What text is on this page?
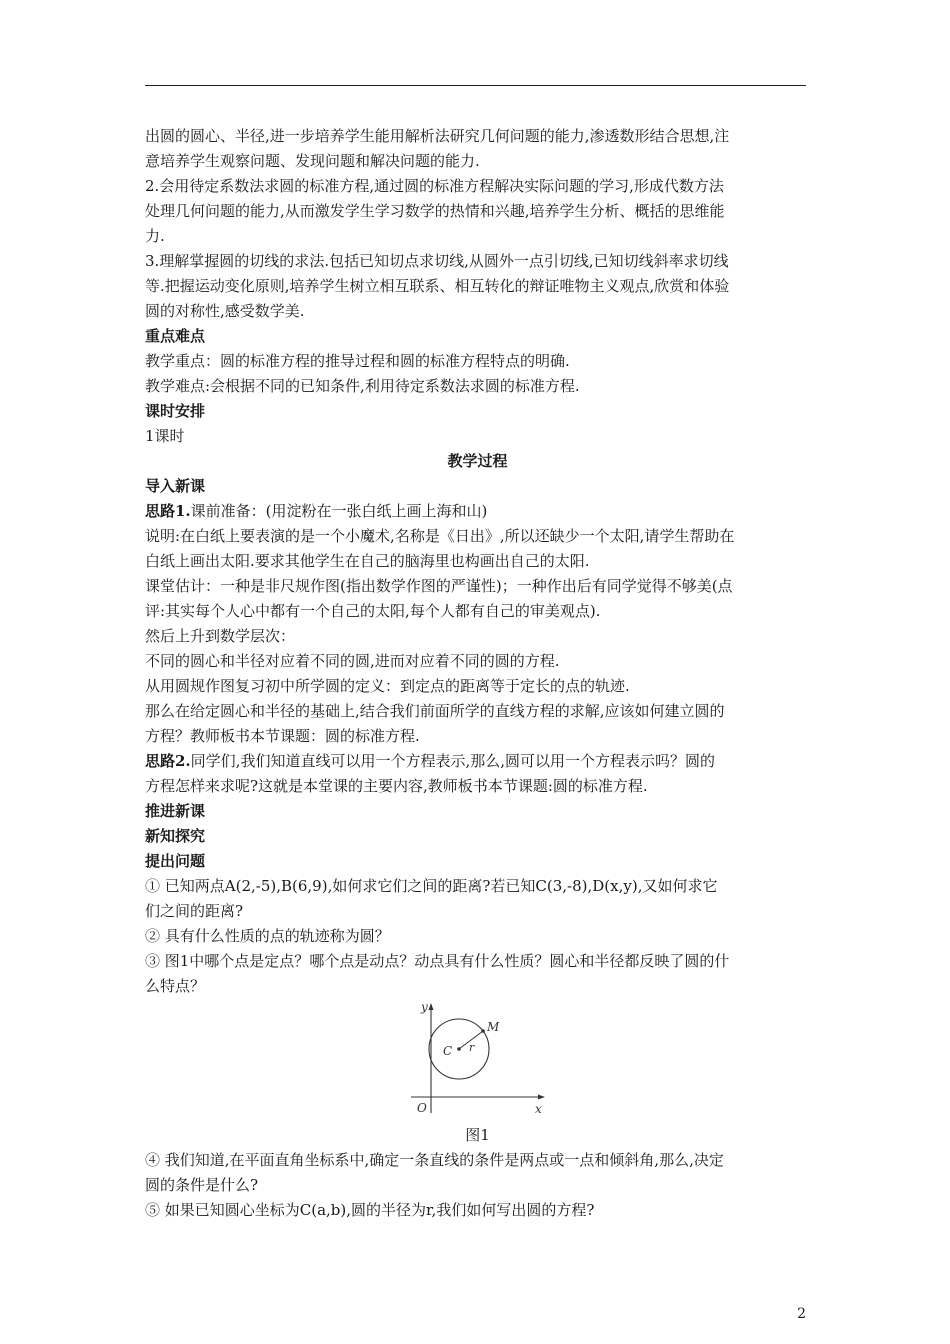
出圆的圆心、半径,进一步培养学生能用解析法研究几何问题的能力,渗透数形结合思想,注

意培养学生观察问题、发现问题和解决问题的能力.

2.会用待定系数法求圆的标准方程,通过圆的标准方程解决实际问题的学习,形成代数方法

处理几何问题的能力,从而激发学生学习数学的热情和兴趣,培养学生分析、概括的思维能

力.

3.理解掌握圆的切线的求法.包括已知切点求切线,从圆外一点引切线,已知切线斜率求切线

等.把握运动变化原则,培养学生树立相互联系、相互转化的辩证唯物主义观点,欣赏和体验

圆的对称性,感受数学美.

重点难点

教学重点：圆的标准方程的推导过程和圆的标准方程特点的明确.

教学难点:会根据不同的已知条件,利用待定系数法求圆的标准方程.

课时安排

1课时

教学过程

导入新课

思路1.课前准备：(用淀粉在一张白纸上画上海和山)

说明:在白纸上要表演的是一个小魔术,名称是《日出》,所以还缺少一个太阳,请学生帮助在

白纸上画出太阳.要求其他学生在自己的脑海里也构画出自己的太阳.

课堂估计：一种是非尺规作图(指出数学作图的严谨性)；一种作出后有同学觉得不够美(点

评:其实每个人心中都有一个自己的太阳,每个人都有自己的审美观点).

然后上升到数学层次：

不同的圆心和半径对应着不同的圆,进而对应着不同的圆的方程.

从用圆规作图复习初中所学圆的定义：到定点的距离等于定长的点的轨迹.

那么在给定圆心和半径的基础上,结合我们前面所学的直线方程的求解,应该如何建立圆的

方程？教师板书本节课题：圆的标准方程.

思路2.同学们,我们知道直线可以用一个方程表示,那么,圆可以用一个方程表示吗？圆的

方程怎样来求呢?这就是本堂课的主要内容,教师板书本节课题:圆的标准方程.

推进新课

新知探究

提出问题

① 已知两点A(2,-5),B(6,9),如何求它们之间的距离?若已知C(3,-8),D(x,y),又如何求它

们之间的距离?

② 具有什么性质的点的轨迹称为圆？

③ 图1中哪个点是定点？哪个点是动点？动点具有什么性质？圆心和半径都反映了圆的什

么特点？

y
x
O
C r
M

图1

④ 我们知道,在平面直角坐标系中,确定一条直线的条件是两点或一点和倾斜角,那么,决定

圆的条件是什么?

⑤ 如果已知圆心坐标为C(a,b),圆的半径为r,我们如何写出圆的方程?

2
